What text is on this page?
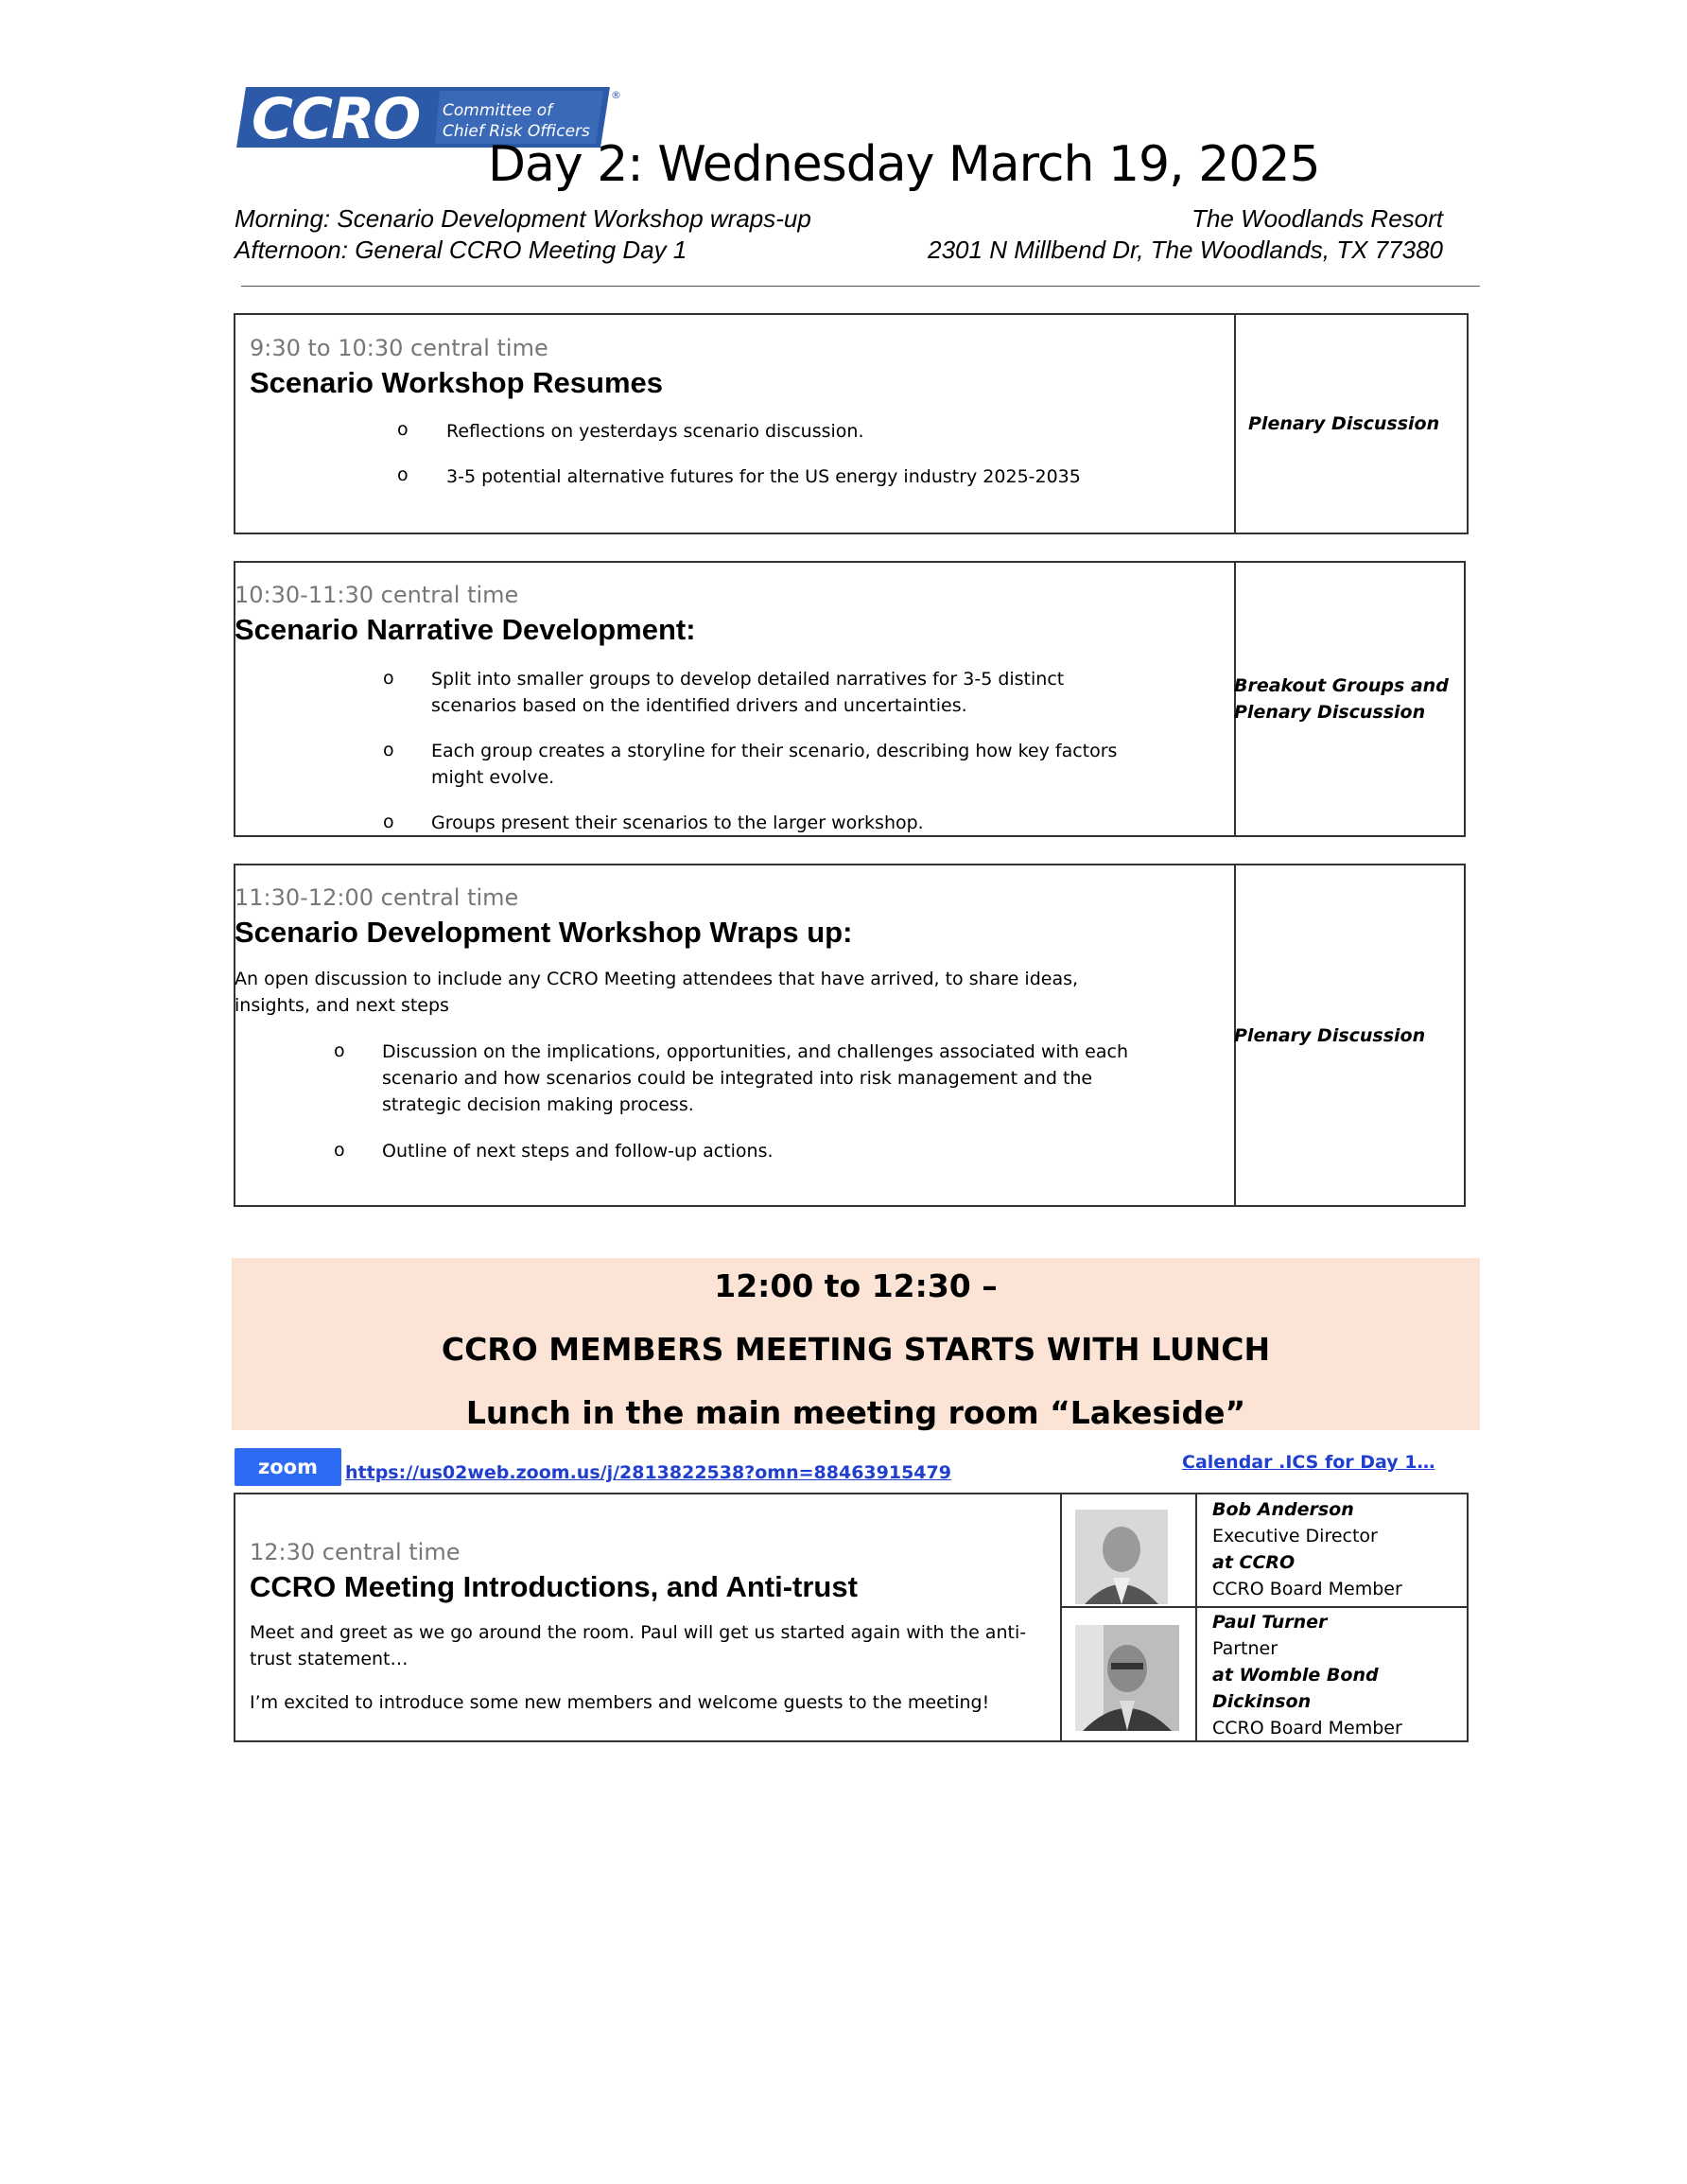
CCRO Committee of
Chief Risk Officers
®
Day 2: Wednesday March 19, 2025
Morning: Scenario Development Workshop wraps-up
Afternoon: General CCRO Meeting Day 1
The Woodlands Resort
2301 N Millbend Dr, The Woodlands, TX 77380
9:30 to 10:30 central time
Scenario Workshop Resumes
o Reflections on yesterdays scenario discussion.
o 3-5 potential alternative futures for the US energy industry 2025-2035
Plenary Discussion
10:30-11:30 central time
Scenario Narrative Development:
o Split into smaller groups to develop detailed narratives for 3-5 distinct scenarios based on the identified drivers and uncertainties.
o Each group creates a storyline for their scenario, describing how key factors might evolve.
o Groups present their scenarios to the larger workshop.
Breakout Groups and
Plenary Discussion
11:30-12:00 central time
Scenario Development Workshop Wraps up:
An open discussion to include any CCRO Meeting attendees that have arrived, to share ideas, insights, and next steps
o Discussion on the implications, opportunities, and challenges associated with each scenario and how scenarios could be integrated into risk management and the strategic decision making process.
o Outline of next steps and follow-up actions.
Plenary Discussion
12:00 to 12:30 –
CCRO MEMBERS MEETING STARTS WITH LUNCH
Lunch in the main meeting room “Lakeside”
zoom	https://us02web.zoom.us/j/2813822538?omn=88463915479	Calendar .ICS for Day 1…
12:30 central time
CCRO Meeting Introductions, and Anti-trust
Meet and greet as we go around the room. Paul will get us started again with the anti-trust statement…
I’m excited to introduce some new members and welcome guests to the meeting!
Bob Anderson
Executive Director
at CCRO
CCRO Board Member
Paul Turner
Partner
at Womble Bond
Dickinson
CCRO Board Member
